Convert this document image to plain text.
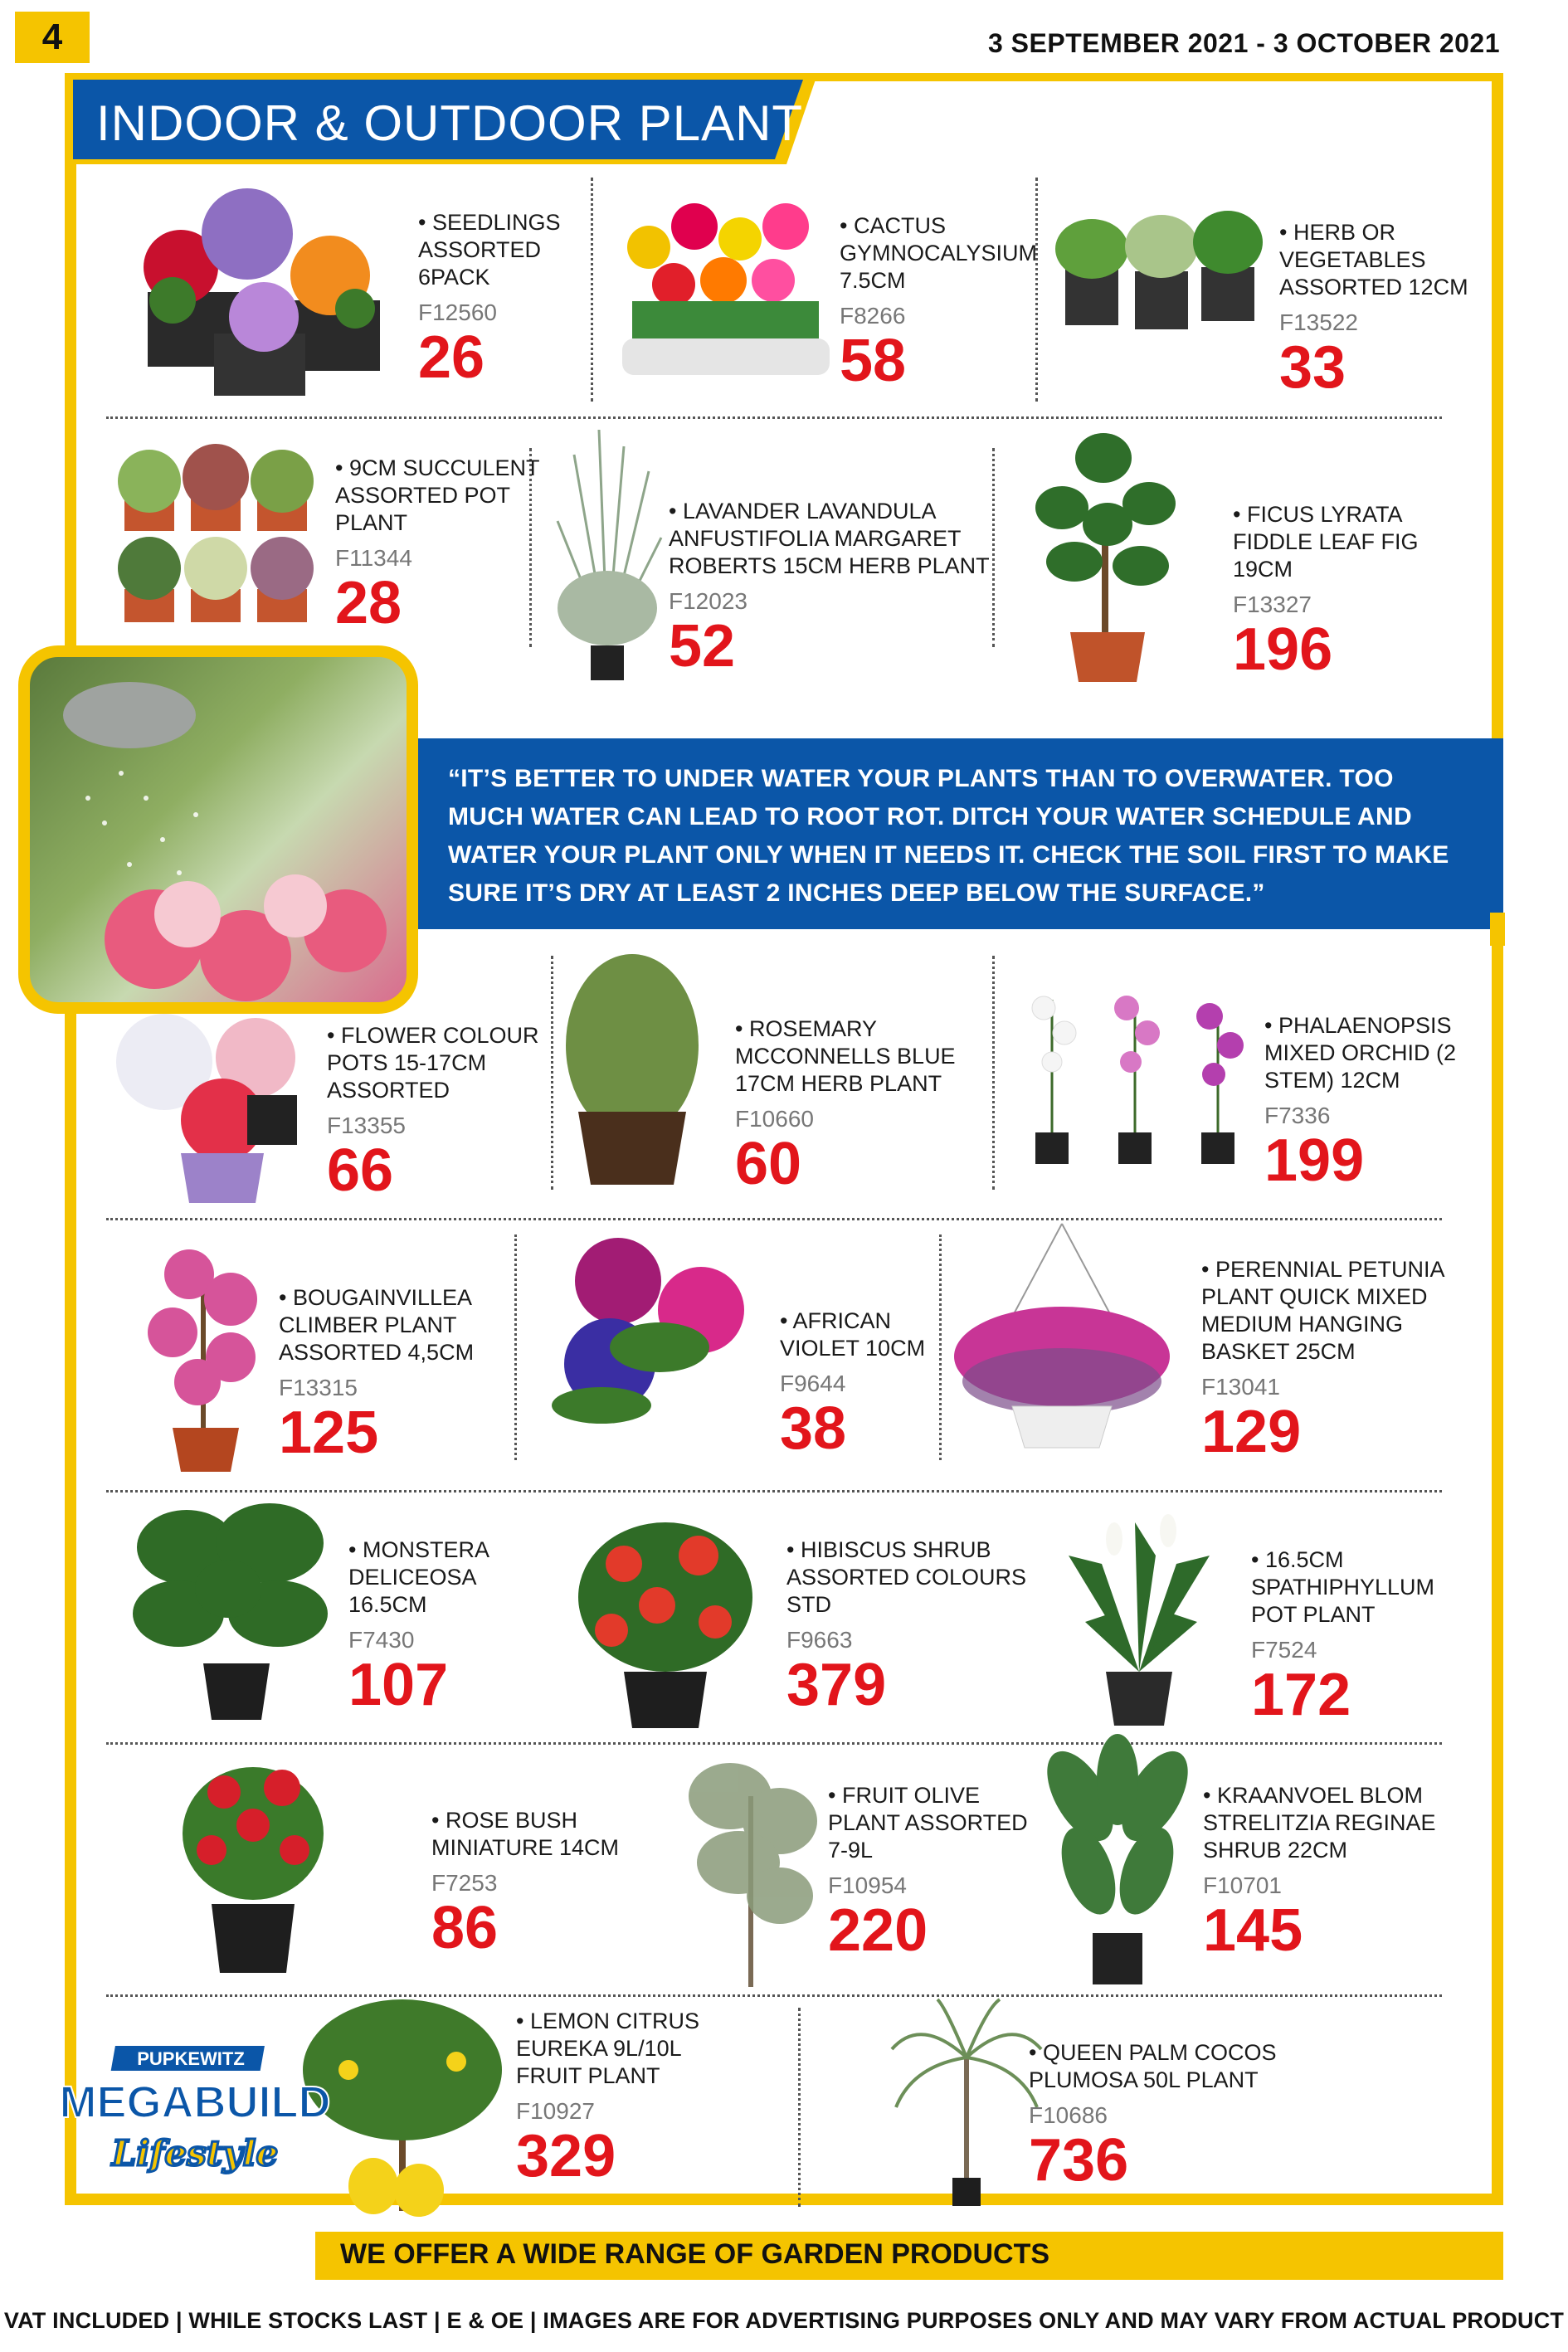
4	3 SEPTEMBER 2021 - 3 OCTOBER 2021
INDOOR & OUTDOOR PLANTS
• SEEDLINGS
ASSORTED
6PACK
F12560
26
• CACTUS
GYMNOCALYSIUM
7.5CM
F8266
58
• HERB OR
VEGETABLES
ASSORTED 12CM
F13522
33
• 9CM SUCCULENT
ASSORTED POT
PLANT
F11344
28
• LAVANDER LAVANDULA
ANFUSTIFOLIA MARGARET
ROBERTS 15CM HERB PLANT
F12023
52
• FICUS LYRATA
FIDDLE LEAF FIG
19CM
F13327
196
• FLOWER COLOUR
POTS 15-17CM
ASSORTED
F13355
66
• ROSEMARY
MCCONNELLS BLUE
17CM HERB PLANT
F10660
60
• PHALAENOPSIS
MIXED ORCHID (2
STEM) 12CM
F7336
199
• BOUGAINVILLEA
CLIMBER PLANT
ASSORTED 4,5CM
F13315
125
• AFRICAN
VIOLET 10CM
F9644
38
• PERENNIAL PETUNIA
PLANT QUICK MIXED
MEDIUM HANGING
BASKET 25CM
F13041
129
• MONSTERA
DELICEOSA
16.5CM
F7430
107
• HIBISCUS SHRUB
ASSORTED COLOURS
STD
F9663
379
• 16.5CM
SPATHIPHYLLUM
POT PLANT
F7524
172
• ROSE BUSH
MINIATURE 14CM
F7253
86
• FRUIT OLIVE
PLANT ASSORTED
7-9L
F10954
220
• KRAANVOEL BLOM
STRELITZIA REGINAE
SHRUB 22CM
F10701
145
• LEMON CITRUS
EUREKA 9L/10L
FRUIT PLANT
F10927
329
• QUEEN PALM COCOS
PLUMOSA 50L PLANT
F10686
736
“IT’S BETTER TO UNDER WATER YOUR PLANTS THAN TO OVERWATER. TOO MUCH WATER CAN LEAD TO ROOT ROT. DITCH YOUR WATER SCHEDULE AND WATER YOUR PLANT ONLY WHEN IT NEEDS IT. CHECK THE SOIL FIRST TO MAKE SURE IT’S DRY AT LEAST 2 INCHES DEEP BELOW THE SURFACE.”
PUPKEWITZ
MEGABUILD
Lifestyle
WE OFFER A WIDE RANGE OF GARDEN PRODUCTS
VAT INCLUDED | WHILE STOCKS LAST | E & OE | IMAGES ARE FOR ADVERTISING PURPOSES ONLY AND MAY VARY FROM ACTUAL PRODUCT
